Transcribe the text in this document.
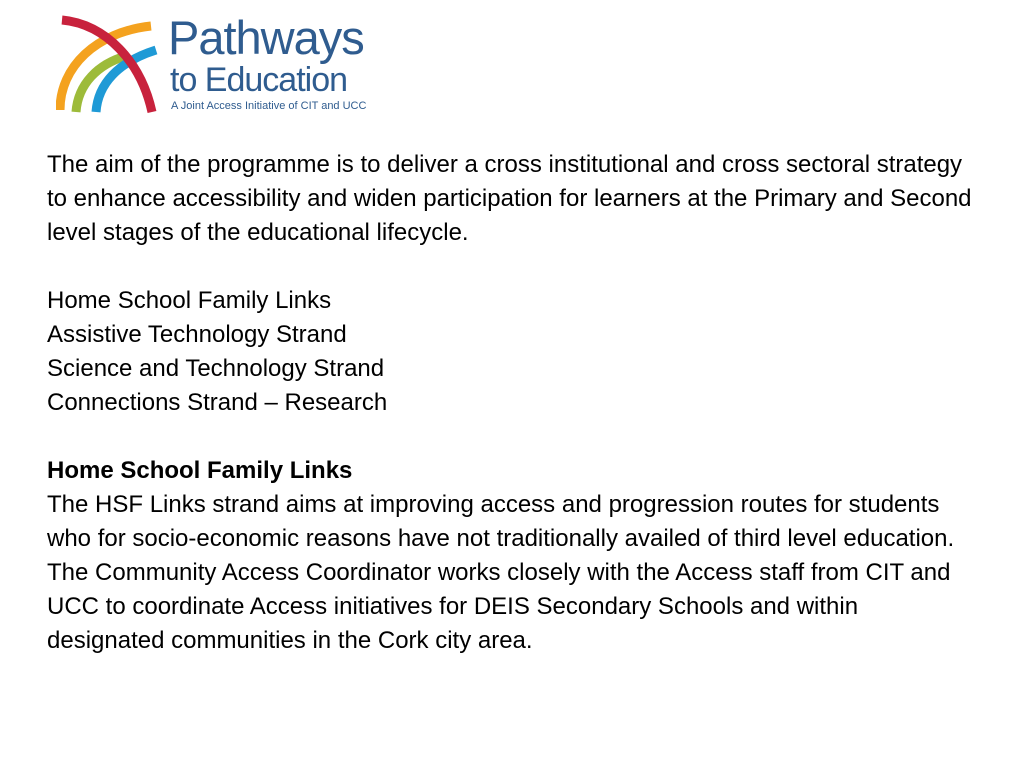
Pathways
to Education
A Joint Access Initiative of CIT and UCC

The aim of the programme is to deliver a cross institutional and cross sectoral strategy to enhance accessibility and widen participation for learners at the Primary and Second level stages of the educational lifecycle.

Home School Family Links

Assistive Technology Strand

Science and Technology Strand

Connections Strand – Research

Home School Family Links

The HSF Links strand aims at improving access and progression routes for students who for socio-economic reasons have not traditionally availed of third level education. The Community Access Coordinator works closely with the Access staff from CIT and UCC to coordinate Access initiatives for DEIS Secondary Schools and within designated communities in the Cork city area.
